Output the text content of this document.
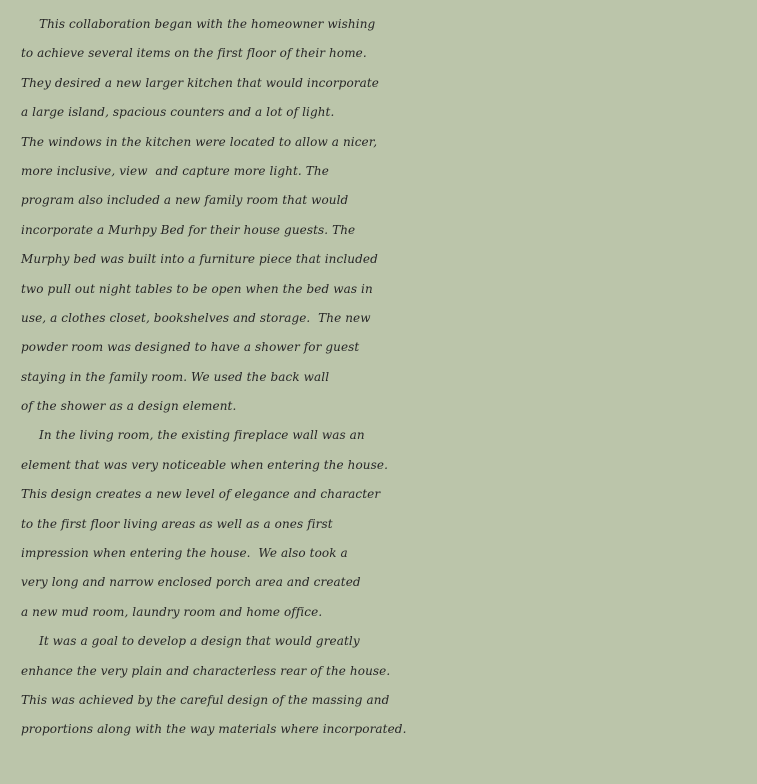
This collaboration began with the homeowner wishing
to achieve several items on the first floor of their home.
They desired a new larger kitchen that would incorporate
a large island, spacious counters and a lot of light.
The windows in the kitchen were located to allow a nicer,
more inclusive, view  and capture more light. The
program also included a new family room that would
incorporate a Murhpy Bed for their house guests. The
Murphy bed was built into a furniture piece that included
two pull out night tables to be open when the bed was in
use, a clothes closet, bookshelves and storage.  The new
powder room was designed to have a shower for guest
staying in the family room. We used the back wall
of the shower as a design element.
In the living room, the existing fireplace wall was an
element that was very noticeable when entering the house.
This design creates a new level of elegance and character
to the first floor living areas as well as a ones first
impression when entering the house.  We also took a
very long and narrow enclosed porch area and created
a new mud room, laundry room and home office.
It was a goal to develop a design that would greatly
enhance the very plain and characterless rear of the house.
This was achieved by the careful design of the massing and
proportions along with the way materials where incorporated.
